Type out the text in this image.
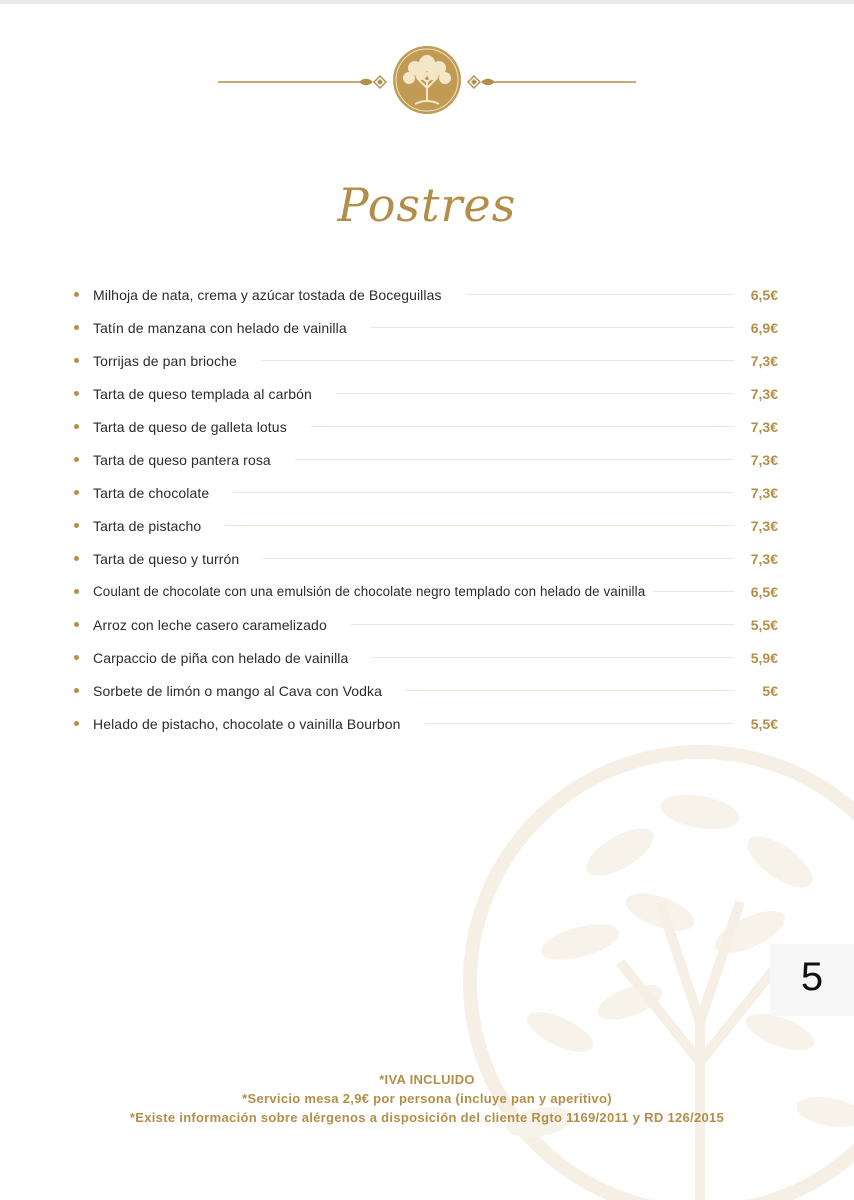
Postres
Milhoja de nata, crema y azúcar tostada de Boceguillas	6,5€
Tatín de manzana con helado de vainilla	6,9€
Torrijas de pan brioche	7,3€
Tarta de queso templada al carbón	7,3€
Tarta de queso de galleta lotus	7,3€
Tarta de queso pantera rosa	7,3€
Tarta de chocolate	7,3€
Tarta de pistacho	7,3€
Tarta de queso y turrón	7,3€
Coulant de chocolate con una emulsión de chocolate negro templado con helado de vainilla	6,5€
Arroz con leche casero caramelizado	5,5€
Carpaccio de piña con helado de vainilla	5,9€
Sorbete de limón o mango al Cava con Vodka	5€
Helado de pistacho, chocolate o vainilla Bourbon	5,5€
5
*IVA INCLUIDO
*Servicio mesa 2,9€ por persona (incluye pan y aperitivo)
*Existe información sobre alérgenos a disposición del cliente Rgto 1169/2011 y RD 126/2015
